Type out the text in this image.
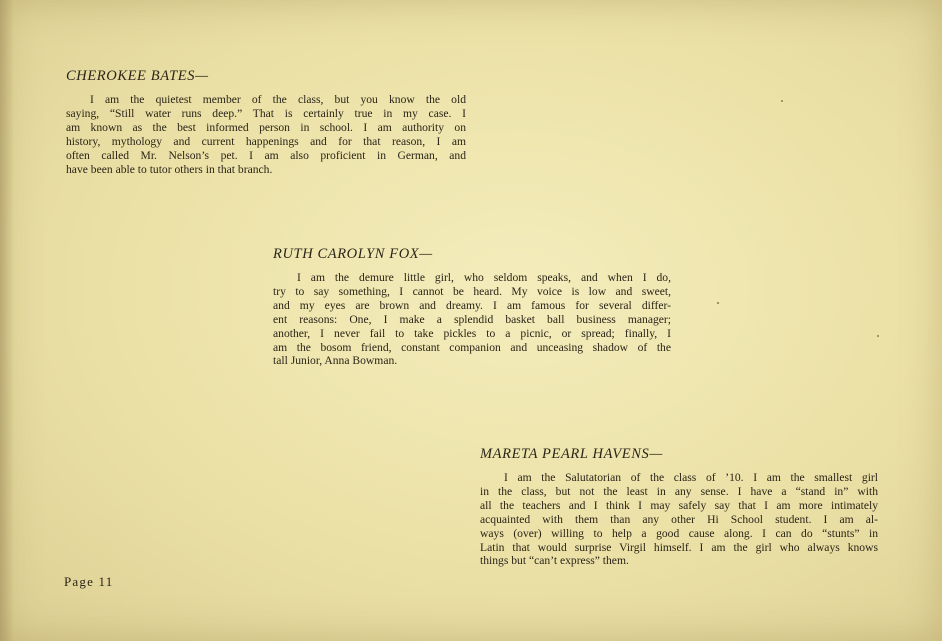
CHEROKEE BATES—

I am the quietest member of the class, but you know the old
saying, “Still water runs deep.” That is certainly true in my case. I
am known as the best informed person in school. I am authority on
history, mythology and current happenings and for that reason, I am
often called Mr. Nelson’s pet. I am also proficient in German, and
have been able to tutor others in that branch.

RUTH CAROLYN FOX—

I am the demure little girl, who seldom speaks, and when I do,
try to say something, I cannot be heard. My voice is low and sweet,
and my eyes are brown and dreamy. I am famous for several differ-
ent reasons: One, I make a splendid basket ball business manager;
another, I never fail to take pickles to a picnic, or spread; finally, I
am the bosom friend, constant companion and unceasing shadow of the
tall Junior, Anna Bowman.

MARETA PEARL HAVENS—

I am the Salutatorian of the class of ’10. I am the smallest girl
in the class, but not the least in any sense. I have a “stand in” with
all the teachers and I think I may safely say that I am more intimately
acquainted with them than any other Hi School student. I am al-
ways (over) willing to help a good cause along. I can do “stunts” in
Latin that would surprise Virgil himself. I am the girl who always knows
things but “can’t express” them.

Page 11
